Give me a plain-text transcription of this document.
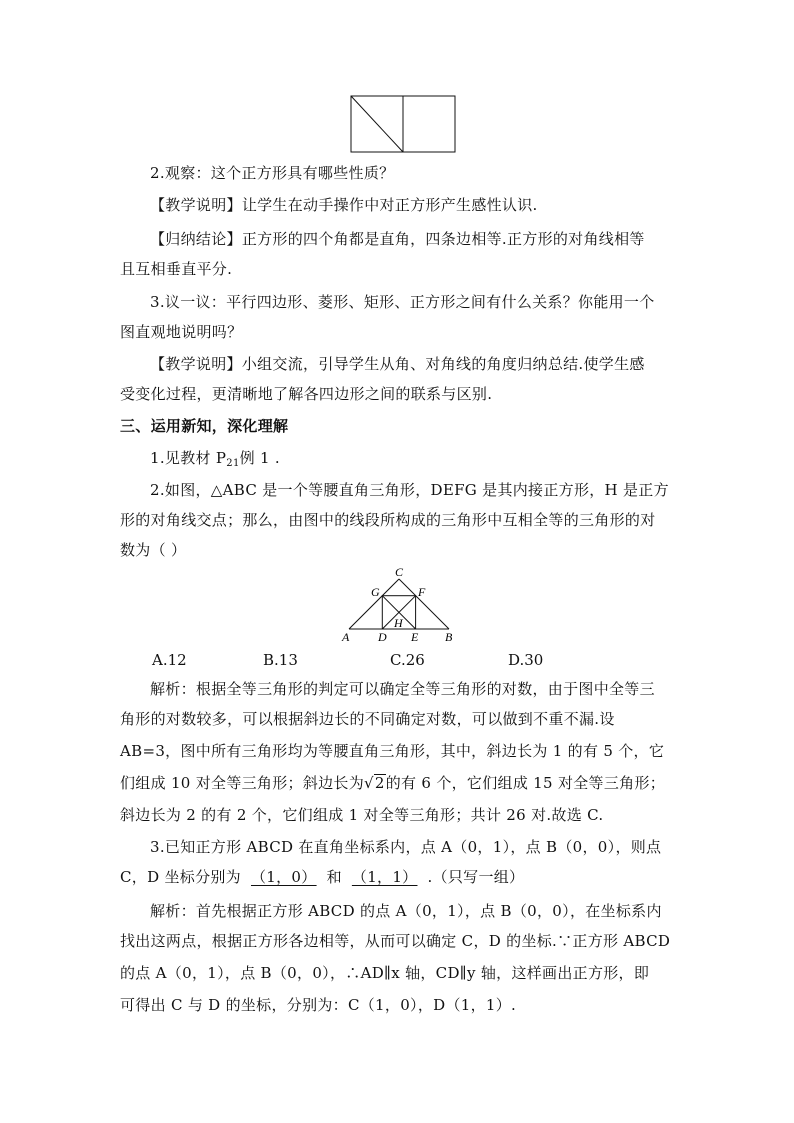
2.观察：这个正方形具有哪些性质？

【教学说明】让学生在动手操作中对正方形产生感性认识.

【归纳结论】正方形的四个角都是直角，四条边相等.正方形的对角线相等

且互相垂直平分.

3.议一议：平行四边形、菱形、矩形、正方形之间有什么关系？你能用一个

图直观地说明吗？

【教学说明】小组交流，引导学生从角、对角线的角度归纳总结.使学生感

受变化过程，更清晰地了解各四边形之间的联系与区别.

三、运用新知，深化理解

1.见教材 $P_{21}$例 1 .

2.如图，△ABC 是一个等腰直角三角形，DEFG 是其内接正方形，H 是正方

形的对角线交点；那么，由图中的线段所构成的三角形中互相全等的三角形的对

数为（ ）

C
G	F
H
A D E B
A.12	B.13	C.26	D.30

解析：根据全等三角形的判定可以确定全等三角形的对数，由于图中全等三

角形的对数较多，可以根据斜边长的不同确定对数，可以做到不重不漏.设

AB=3，图中所有三角形均为等腰直角三角形，其中，斜边长为 1 的有 5 个，它

们组成 10 对全等三角形；斜边长为√2的有 6 个，它们组成 15 对全等三角形；

斜边长为 2 的有 2 个，它们组成 1 对全等三角形；共计 26 对.故选 C.

3.已知正方形 ABCD 在直角坐标系内，点 A（0，1），点 B（0，0），则点

C，D 坐标分别为 （1，0） 和 （1，1） .（只写一组）

解析：首先根据正方形 ABCD 的点 A（0，1），点 B（0，0），在坐标系内

找出这两点，根据正方形各边相等，从而可以确定 C，D 的坐标.∵正方形 ABCD

的点 A（0，1），点 B（0，0），∴AD∥x 轴，CD∥y 轴，这样画出正方形，即

可得出 C 与 D 的坐标，分别为：C（1，0），D（1，1）.
